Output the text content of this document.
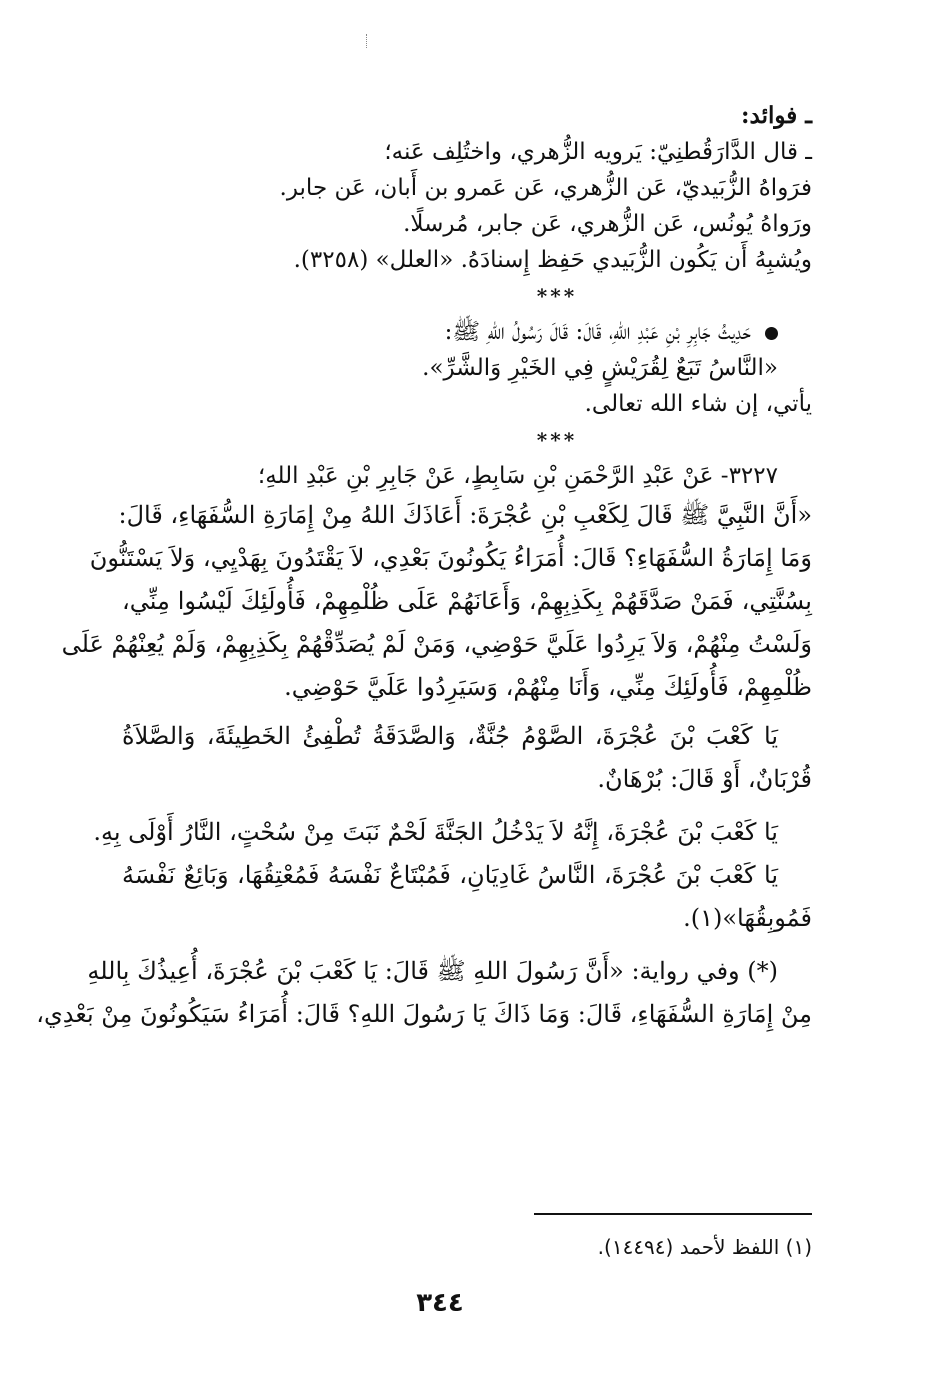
ـ فوائد:
ـ قال الدَّارَقُطنِيّ: يَرويه الزُّهري، واختُلِف عَنه؛
فرَواهُ الزُّبَيديّ، عَن الزُّهري، عَن عَمرو بن أَبان، عَن جابر.
ورَواهُ يُونُس، عَن الزُّهري، عَن جابر، مُرسلًا.
ويُشبِهُ أَن يَكُون الزُّبَيدي حَفِظ إِسنادَهُ. «العلل» (٣٢٥٨).
***
حَدِيثُ جَابِرِ بْنِ عَبْدِ اللهِ، قَالَ: قَالَ رَسُولُ اللهِ ﷺ:
«النَّاسُ تَبَعٌ لِقُرَيْشٍ فِي الخَيْرِ وَالشَّرِّ».
يأتي، إن شاء الله تعالى.
***
٣٢٢٧- عَنْ عَبْدِ الرَّحْمَنِ بْنِ سَابِطٍ، عَنْ جَابِرِ بْنِ عَبْدِ اللهِ؛
«أَنَّ النَّبِيَّ ﷺ قَالَ لِكَعْبِ بْنِ عُجْرَةَ: أَعَاذَكَ اللهُ مِنْ إِمَارَةِ السُّفَهَاءِ، قَالَ:
وَمَا إِمَارَةُ السُّفَهَاءِ؟ قَالَ: أُمَرَاءُ يَكُونُونَ بَعْدِي، لاَ يَقْتَدُونَ بِهَدْيِي، وَلاَ يَسْتَنُّونَ
بِسُنَّتِي، فَمَنْ صَدَّقَهُمْ بِكَذِبِهِمْ، وَأَعَانَهُمْ عَلَى ظُلْمِهِمْ، فَأُولَئِكَ لَيْسُوا مِنِّي،
وَلَسْتُ مِنْهُمْ، وَلاَ يَرِدُوا عَلَيَّ حَوْضِي، وَمَنْ لَمْ يُصَدِّقْهُمْ بِكَذِبِهِمْ، وَلَمْ يُعِنْهُمْ عَلَى
ظُلْمِهِمْ، فَأُولَئِكَ مِنِّي، وَأَنَا مِنْهُمْ، وَسَيَرِدُوا عَلَيَّ حَوْضِي.
يَا كَعْبَ بْنَ عُجْرَةَ، الصَّوْمُ جُنَّةٌ، وَالصَّدَقَةُ تُطْفِئُ الخَطِيئَةَ، وَالصَّلاَةُ
قُرْبَانٌ، أَوْ قَالَ: بُرْهَانٌ.
يَا كَعْبَ بْنَ عُجْرَةَ، إِنَّهُ لاَ يَدْخُلُ الجَنَّةَ لَحْمٌ نَبَتَ مِنْ سُحْتٍ، النَّارُ أَوْلَى بِهِ.
يَا كَعْبَ بْنَ عُجْرَةَ، النَّاسُ غَادِيَانِ، فَمُبْتَاعٌ نَفْسَهُ فَمُعْتِقُهَا، وَبَائِعٌ نَفْسَهُ
فَمُوبِقُهَا»(١).
(*) وفي رواية: «أَنَّ رَسُولَ اللهِ ﷺ قَالَ: يَا كَعْبَ بْنَ عُجْرَةَ، أُعِيذُكَ بِاللهِ
مِنْ إِمَارَةِ السُّفَهَاءِ، قَالَ: وَمَا ذَاكَ يَا رَسُولَ اللهِ؟ قَالَ: أُمَرَاءُ سَيَكُونُونَ مِنْ بَعْدِي،
(١) اللفظ لأحمد (١٤٤٩٤).
٣٤٤
